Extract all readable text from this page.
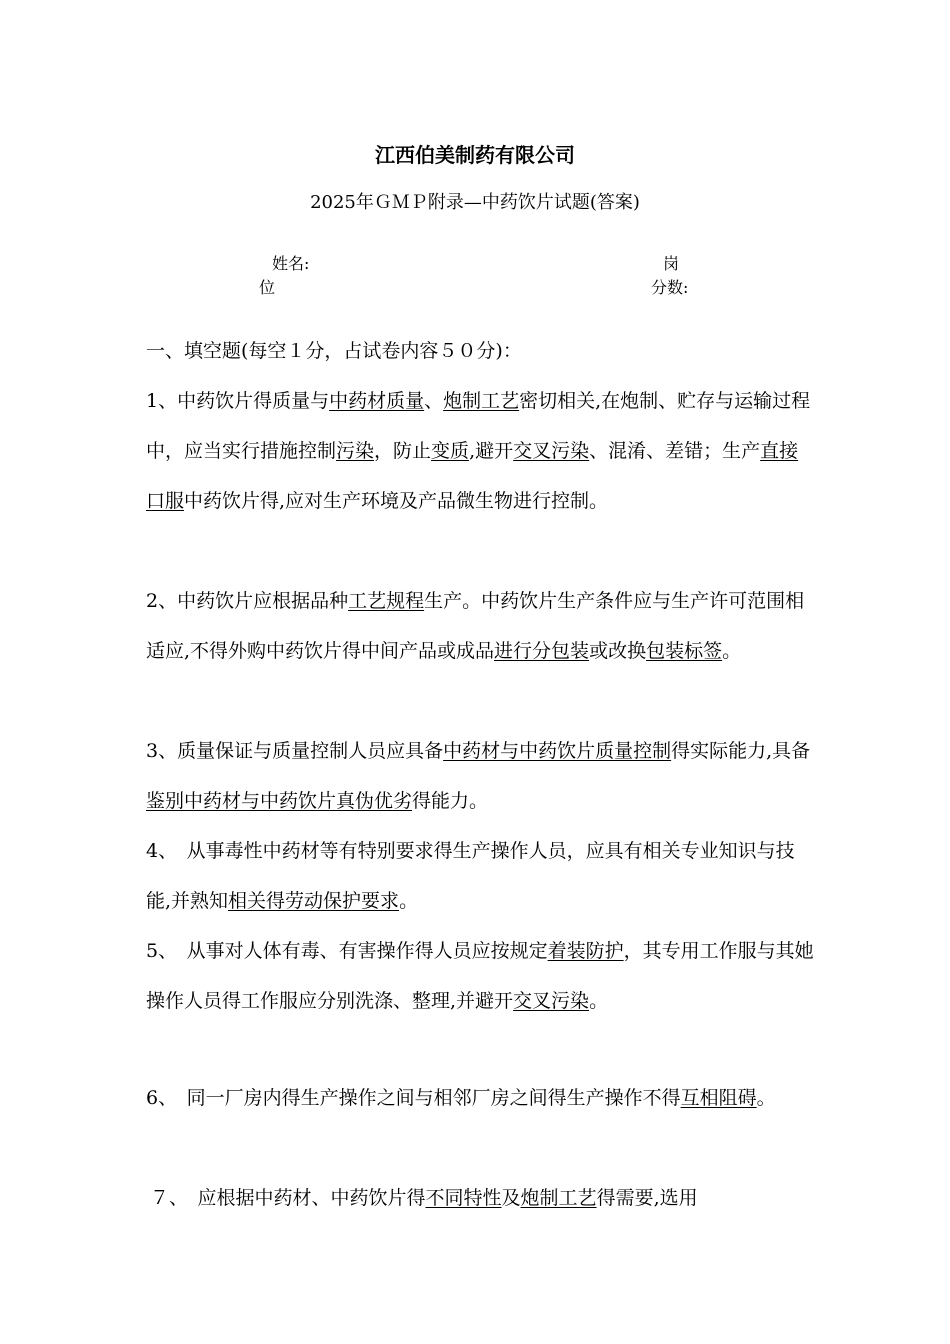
江西伯美制药有限公司
2025年ＧＭＰ附录—中药饮片试题(答案)
姓名:	岗
位	分数:
一、填空题(每空１分，占试卷内容５０分)：
1、中药饮片得质量与中药材质量、炮制工艺密切相关,在炮制、贮存与运输过程中，应当实行措施控制污染，防止变质,避开交叉污染、混淆、差错；生产直接口服中药饮片得,应对生产环境及产品微生物进行控制。
2、中药饮片应根据品种工艺规程生产。中药饮片生产条件应与生产许可范围相适应,不得外购中药饮片得中间产品或成品进行分包装或改换包装标签。
3、质量保证与质量控制人员应具备中药材与中药饮片质量控制得实际能力,具备鉴别中药材与中药饮片真伪优劣得能力。
4、　从事毒性中药材等有特别要求得生产操作人员，应具有相关专业知识与技能,并熟知相关得劳动保护要求。
5、　从事对人体有毒、有害操作得人员应按规定着装防护，其专用工作服与其她操作人员得工作服应分别洗涤、整理,并避开交叉污染。
6、　同一厂房内得生产操作之间与相邻厂房之间得生产操作不得互相阻碍。
７、　应根据中药材、中药饮片得不同特性及炮制工艺得需要,选用
